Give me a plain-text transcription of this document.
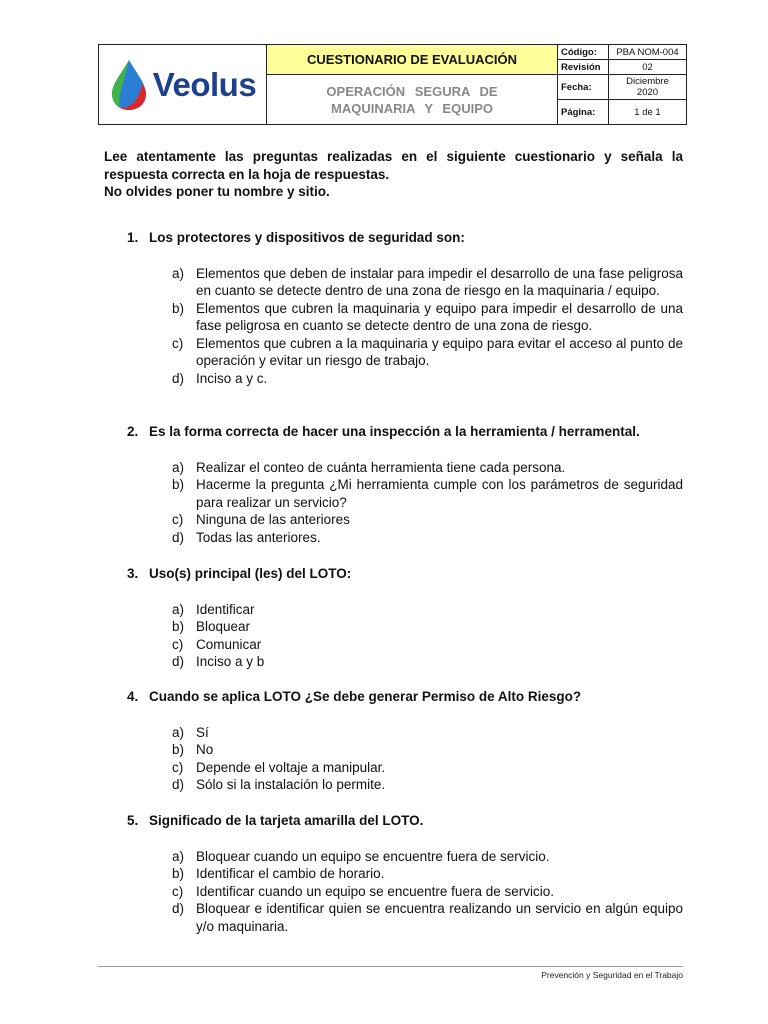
Veolus
CUESTIONARIO DE EVALUACIÓN
OPERACIÓN SEGURA DE
MAQUINARIA Y EQUIPO
Código:	PBA NOM-004
Revisión	02
Fecha:	Diciembre
2020
Página:	1 de 1

Lee atentamente las preguntas realizadas en el siguiente cuestionario y señala la respuesta correcta en la hoja de respuestas.

No olvides poner tu nombre y sitio.

1. Los protectores y dispositivos de seguridad son:
a) Elementos que deben de instalar para impedir el desarrollo de una fase peligrosa en cuanto se detecte dentro de una zona de riesgo en la maquinaria / equipo.
b) Elementos que cubren la maquinaria y equipo para impedir el desarrollo de una fase peligrosa en cuanto se detecte dentro de una zona de riesgo.
c) Elementos que cubren a la maquinaria y equipo para evitar el acceso al punto de operación y evitar un riesgo de trabajo.
d) Inciso a y c.
2. Es la forma correcta de hacer una inspección a la herramienta / herramental.
a) Realizar el conteo de cuánta herramienta tiene cada persona.
b) Hacerme la pregunta ¿Mi herramienta cumple con los parámetros de seguridad para realizar un servicio?
c) Ninguna de las anteriores
d) Todas las anteriores.
3. Uso(s) principal (les) del LOTO:
a) Identificar
b) Bloquear
c) Comunicar
d) Inciso a y b
4. Cuando se aplica LOTO ¿Se debe generar Permiso de Alto Riesgo?
a) Sí
b) No
c) Depende el voltaje a manipular.
d) Sólo si la instalación lo permite.
5. Significado de la tarjeta amarilla del LOTO.
a) Bloquear cuando un equipo se encuentre fuera de servicio.
b) Identificar el cambio de horario.
c) Identificar cuando un equipo se encuentre fuera de servicio.
d) Bloquear e identificar quien se encuentra realizando un servicio en algún equipo y/o maquinaria.
Prevención y Seguridad en el Trabajo
